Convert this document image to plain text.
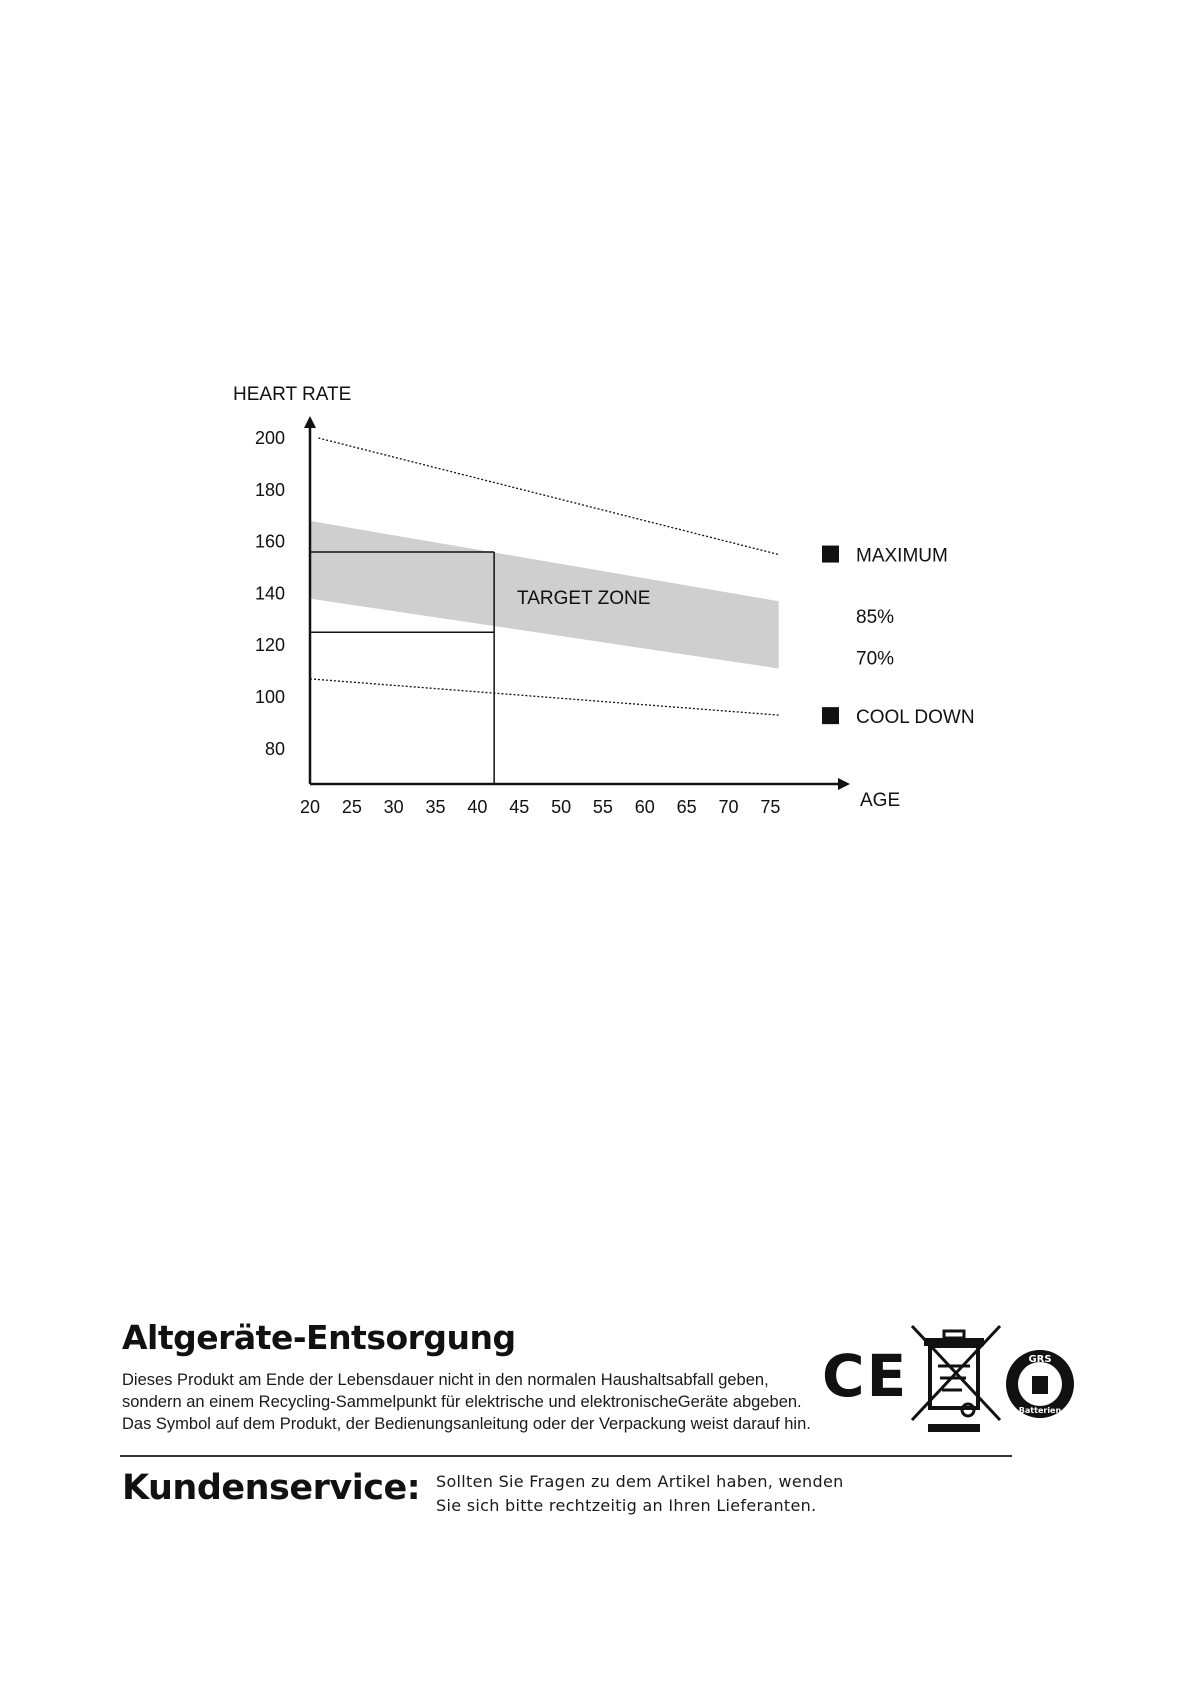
200
180
160
140
120
100
80
20 25 30 35 40 45 50 55 60 65 70 75
HEART RATE
AGE
MAXIMUM
85%
70%
COOL DOWN
TARGET ZONE
Altgeräte-Entsorgung
Dieses Produkt am Ende der Lebensdauer nicht in den normalen Haushaltsabfall geben,
sondern an einem Recycling-Sammelpunkt für elektrische und elektronischeGeräte abgeben.
Das Symbol auf dem Produkt, der Bedienungsanleitung oder der Verpackung weist darauf hin.
CE	GRS
Batterien
Kundenservice: Sollten Sie Fragen zu dem Artikel haben, wenden
Sie sich bitte rechtzeitig an Ihren Lieferanten.
